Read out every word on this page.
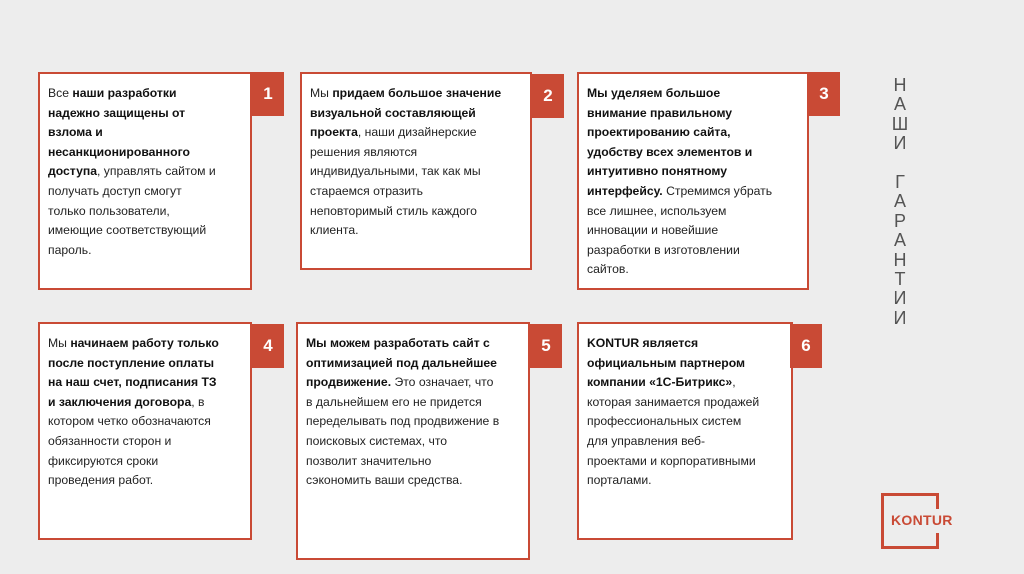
Все наши разработки надежно защищены от взлома и несанкционированного доступа, управлять сайтом и получать доступ смогут только пользователи, имеющие соответствующий пароль.
1	Мы придаем большое значение визуальной составляющей проекта, наши дизайнерские решения являются индивидуальными, так как мы стараемся отразить неповторимый стиль каждого клиента.
2	Мы уделяем большое внимание правильному проектированию сайта, удобству всех элементов и интуитивно понятному интерфейсу. Стремимся убрать все лишнее, используем инновации и новейшие разработки в изготовлении сайтов.
3
Мы начинаем работу только после поступление оплаты на наш счет, подписания ТЗ и заключения договора, в котором четко обозначаются обязанности сторон и фиксируются сроки проведения работ.
4	Мы можем разработать сайт с оптимизацией под дальнейшее продвижение. Это означает, что в дальнейшем его не придется переделывать под продвижение в поисковых системах, что позволит значительно сэкономить ваши средства.
5	KONTUR является официальным партнером компании «1С-Битрикс», которая занимается продажей профессиональных систем для управления веб-проектами и корпоративными порталами.
6
Н
А
Ш
И
Г
А
Р
А
Н
Т
И
И
KONTUR
